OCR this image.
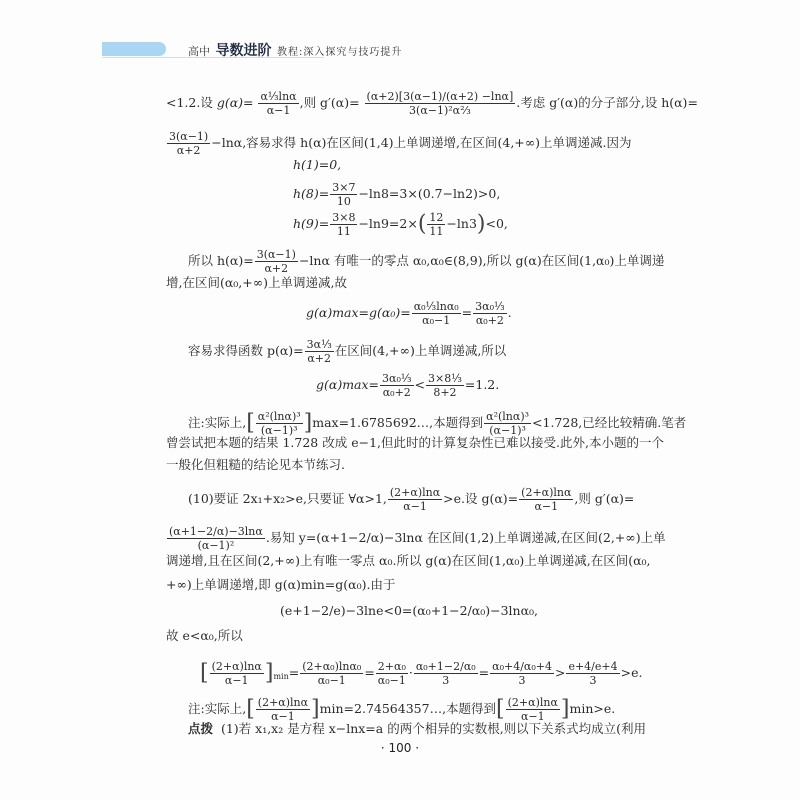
高中 导数进阶 教程:深入探究与技巧提升
<1.2.设 $g(\alpha)= \frac{\text{α⅓lnα}}{\alpha-1}$ ,则 $g'(\alpha)= \frac{(\alpha+2)[3(\alpha-1)/(\alpha+2) -\ln\alpha]}{\text{3(α−1)²α⅔}}$ .考虑 g′(α)的分子部分,设 h(α)=
$\frac{3(\alpha-1)}{\alpha+2} -\ln\alpha$,容易求得 h(α)在区间(1,4)上单调递增,在区间(4,+∞)上单调递减.因为
h(1)=0,
$h(8)= \frac{3\times 7}{10} -\ln 8=3\times(0.7-\ln 2)>0$,
$h(9)= \frac{3\times 8}{11} -\ln 9=2\times( \frac{12}{11} -\ln 3)<0$,
所以 $h(\alpha)= \frac{3(\alpha-1)}{\alpha+2} -\ln\alpha$ 有唯一的零点 α₀,α₀∈(8,9),所以 g(α)在区间(1,α₀)上单调递
增,在区间(α₀,+∞)上单调递减,故
$g(\alpha)\max=g(\alpha_0)= \frac{\text{α₀⅓lnα₀}}{\text{α₀−1}} = \frac{\text{3α₀⅓}}{\text{α₀+2}}$ .
容易求得函数 $p(\alpha)= \frac{\text{3α⅓}}{\alpha+2}$ 在区间(4,+∞)上单调递减,所以
$g(\alpha)\max= \frac{\text{3α₀⅓}}{\text{α₀+2}} < \frac{\text{3×8⅓}}{8+2} =1.2$.
注:实际上,[ $\frac{\text{α²(lnα)³}}{\text{(α−1)³}}$ ]max=1.6785692…,本题得到 $\frac{\text{α²(lnα)³}}{\text{(α−1)³}} <1.728$,已经比较精确.笔者
曾尝试把本题的结果 1.728 改成 e−1,但此时的计算复杂性已难以接受.此外,本小题的一个
一般化但粗糙的结论见本节练习.
(10)要证 2x₁+x₂>e,只要证 ∀α>1, $\frac{(2+\alpha)\ln\alpha}{\alpha-1} >e$.设 $g(\alpha)= \frac{(2+\alpha)\ln\alpha}{\alpha-1}$ ,则 g′(α)=
$\frac{(\alpha+1-2/\alpha)-3\ln\alpha}{\text{(α−1)²}}$ .易知 y=(α+1−2/α)−3lnα 在区间(1,2)上单调递减,在区间(2,+∞)上单
调递增,且在区间(2,+∞)上有唯一零点 α₀.所以 g(α)在区间(1,α₀)上单调递减,在区间(α₀,
+∞)上单调递增,即 g(α)min=g(α₀).由于
(e+1−2/e)−3lne<0=(α₀+1−2/α₀)−3lnα₀,
故 e<α₀,所以
[ $\frac{(2+\alpha)\ln\alpha}{\alpha-1} ]\min= \frac{\text{(2+α₀)lnα₀}}{\text{α₀−1}} = \frac{\text{2+α₀}}{\text{α₀−1}} \cdot \frac{\text{α₀+1−2/α₀}}{3} = \frac{\text{α₀+4/α₀+4}}{3} > \frac{e+4/e+4}{3} >e$.
注:实际上,[ $\frac{(2+\alpha)\ln\alpha}{\alpha-1}$ ]min=2.74564357…,本题得到[ $\frac{(2+\alpha)\ln\alpha}{\alpha-1} ]\min>e$.
点拨 (1)若 x₁,x₂ 是方程 x−lnx=a 的两个相异的实数根,则以下关系式均成立(利用
· 100 ·
